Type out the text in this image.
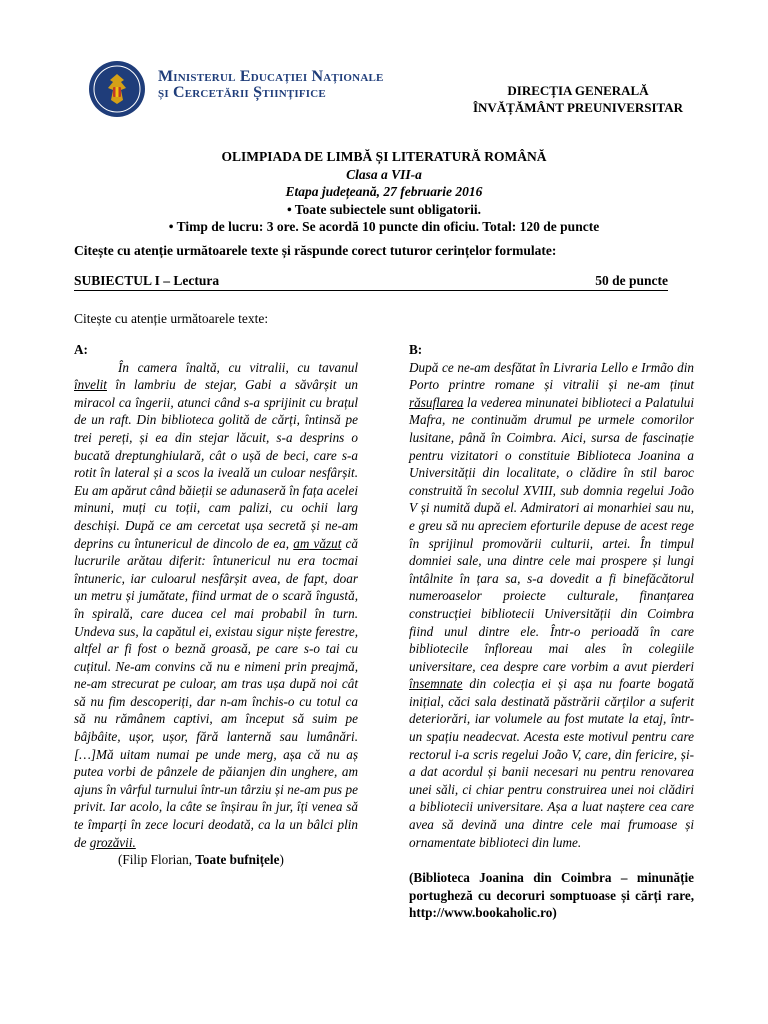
Ministerul Educației Naționale
și Cercetării Științifice	DIRECȚIA GENERALĂ
ÎNVĂȚĂMÂNT PREUNIVERSITAR
OLIMPIADA DE LIMBĂ ȘI LITERATURĂ ROMÂNĂ
Clasa a VII-a
Etapa județeană, 27 februarie 2016
• Toate subiectele sunt obligatorii.
• Timp de lucru: 3 ore. Se acordă 10 puncte din oficiu. Total: 120 de puncte
Citește cu atenție următoarele texte și răspunde corect tuturor cerințelor formulate:
SUBIECTUL I – Lectura	50 de puncte
Citește cu atenție următoarele texte:
A:

În camera înaltă, cu vitralii, cu tavanul învelit în lambriu de stejar, Gabi a săvârșit un miracol ca îngerii, atunci când s-a sprijinit cu brațul de un raft. Din biblioteca golită de cărți, întinsă pe trei pereți, și ea din stejar lăcuit, s-a desprins o bucată dreptunghiulară, cât o ușă de beci, care s-a rotit în lateral și a scos la iveală un culoar nesfârșit. Eu am apărut când băieții se adunaseră în fața acelei minuni, muți cu toții, cam palizi, cu ochii larg deschiși. După ce am cercetat ușa secretă și ne-am deprins cu întunericul de dincolo de ea, am văzut că lucrurile arătau diferit: întunericul nu era tocmai întuneric, iar culoarul nesfârșit avea, de fapt, doar un metru și jumătate, fiind urmat de o scară îngustă, în spirală, care ducea cel mai probabil în turn. Undeva sus, la capătul ei, existau sigur niște ferestre, altfel ar fi fost o beznă groasă, pe care s-o tai cu cuțitul. Ne-am convins că nu e nimeni prin preajmă, ne-am strecurat pe culoar, am tras ușa după noi cât să nu fim descoperiți, dar n-am închis-o cu totul ca să nu rămânem captivi, am început să suim pe bâjbâite, ușor, ușor, fără lanternă sau lumânări.[…]Mă uitam numai pe unde merg, așa că nu aș putea vorbi de pânzele de păianjen din unghere, am ajuns în vârful turnului într-un târziu și ne-am pus pe privit. Iar acolo, la câte se înșirau în jur, îți venea să te împarți în zece locuri deodată, ca la un bâlci plin de grozăvii.

(Filip Florian, Toate bufnițele)
B:

După ce ne-am desfătat în Livraria Lello e Irmão din Porto printre romane și vitralii și ne-am ținut răsuflarea la vederea minunatei biblioteci a Palatului Mafra, ne continuăm drumul pe urmele comorilor lusitane, până în Coimbra. Aici, sursa de fascinație pentru vizitatori o constituie Biblioteca Joanina a Universității din localitate, o clădire în stil baroc construită în secolul XVIII, sub domnia regelui João V și numită după el. Admiratori ai monarhiei sau nu, e greu să nu apreciem eforturile depuse de acest rege în sprijinul promovării culturii, artei. În timpul domniei sale, una dintre cele mai prospere și lungi întâlnite în țara sa, s-a dovedit a fi binefăcătorul numeroaselor proiecte culturale, finanțarea construcției bibliotecii Universității din Coimbra fiind unul dintre ele. Într-o perioadă în care bibliotecile înfloreau mai ales în colegiile universitare, cea despre care vorbim a avut pierderi însemnate din colecția ei și așa nu foarte bogată inițial, căci sala destinată păstrării cărților a suferit deteriorări, iar volumele au fost mutate la etaj, într-un spațiu neadecvat. Acesta este motivul pentru care rectorul i-a scris regelui João V, care, din fericire, și-a dat acordul și banii necesari nu pentru renovarea unei săli, ci chiar pentru construirea unei noi clădiri a bibliotecii universitare. Așa a luat naștere cea care avea să devină una dintre cele mai frumoase și ornamentate biblioteci din lume.

(Biblioteca Joanina din Coimbra – minunăție portugheză cu decoruri somptuoase și cărți rare, http://www.bookaholic.ro)
